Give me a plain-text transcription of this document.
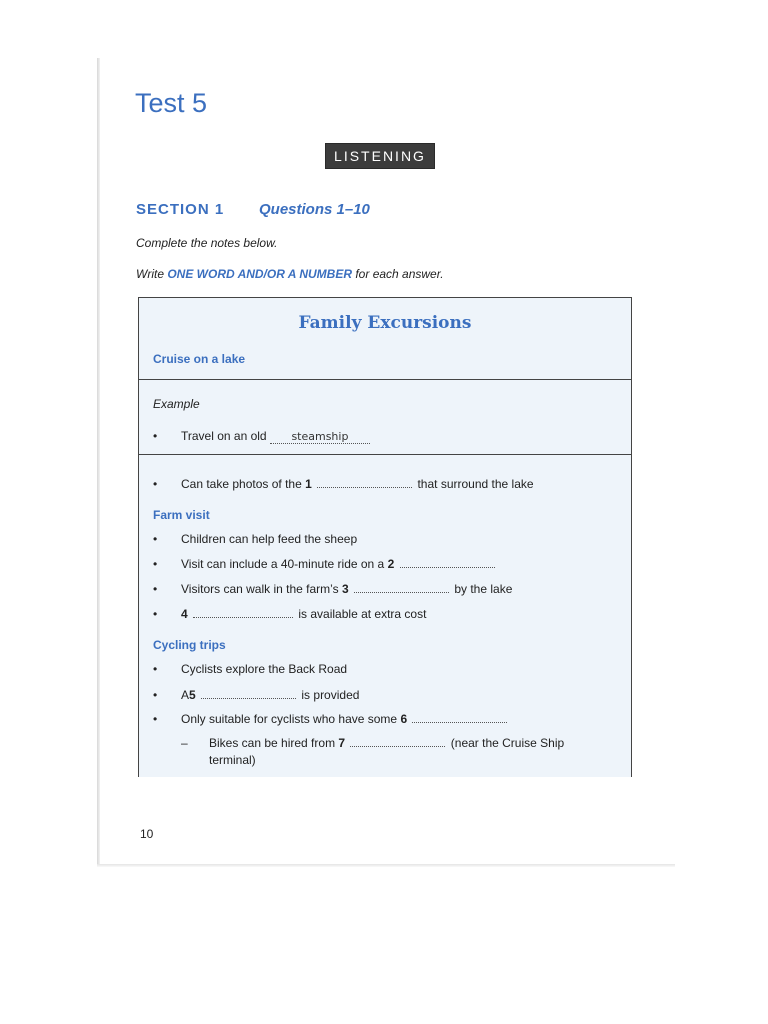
Test 5
LISTENING
SECTION 1 Questions 1–10
Complete the notes below.
Write ONE WORD AND/OR A NUMBER for each answer.
Family Excursions
Cruise on a lake
Example
• Travel on an old steamship
• Can take photos of the 1	that surround the lake
Farm visit
• Children can help feed the sheep
• Visit can include a 40-minute ride on a 2
• Visitors can walk in the farm’s 3	by the lake
• 4	is available at extra cost
Cycling trips
• Cyclists explore the Back Road
• A5	is provided
• Only suitable for cyclists who have some 6
– Bikes can be hired from 7	(near the Cruise Ship
terminal)
10
